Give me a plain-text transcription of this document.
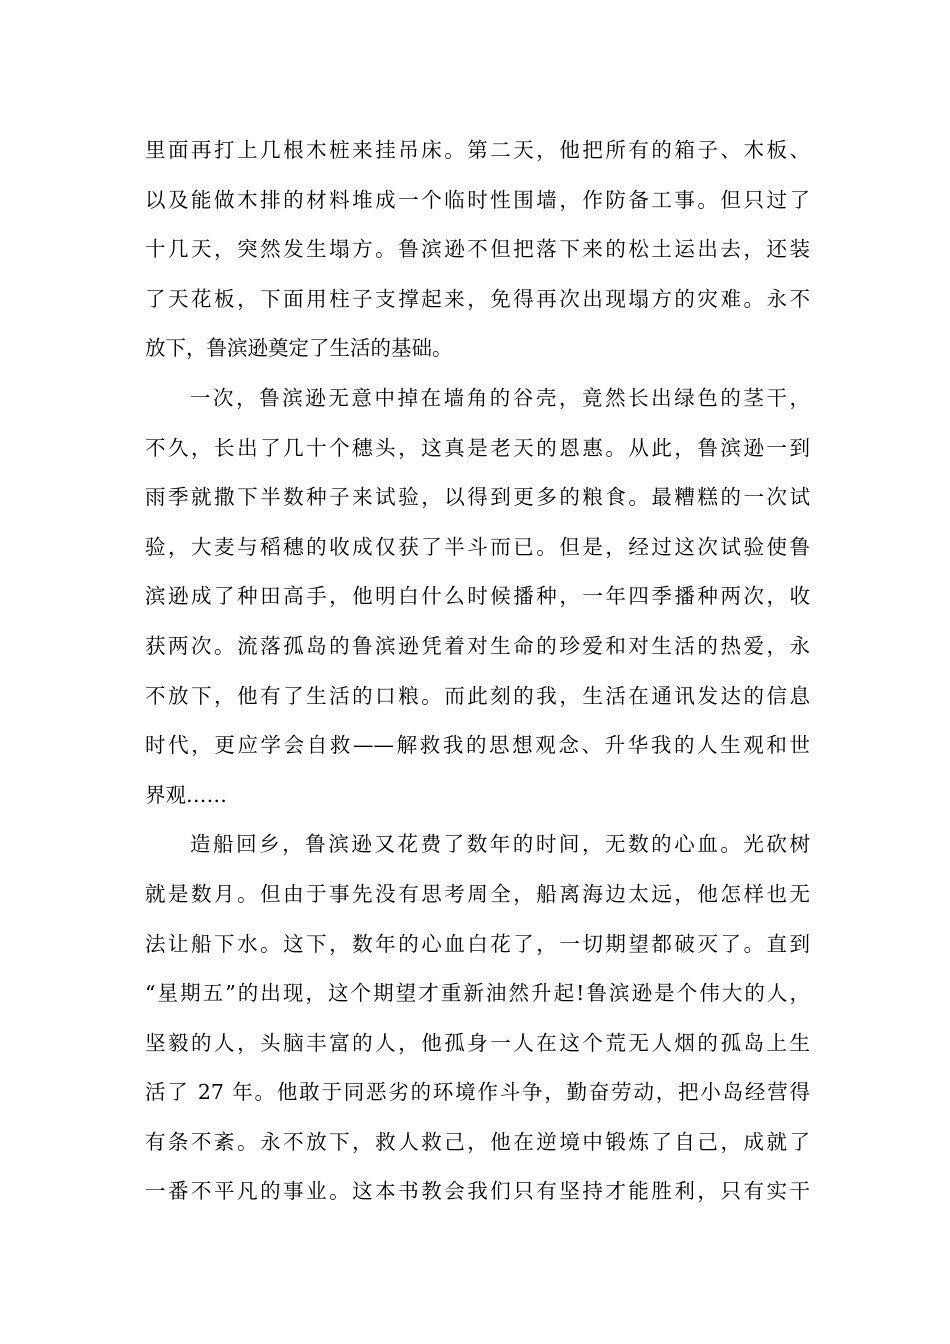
里面再打上几根木桩来挂吊床。第二天，他把所有的箱子、木板、
以及能做木排的材料堆成一个临时性围墙，作防备工事。但只过了
十几天，突然发生塌方。鲁滨逊不但把落下来的松土运出去，还装
了天花板，下面用柱子支撑起来，免得再次出现塌方的灾难。永不
放下，鲁滨逊奠定了生活的基础。
一次，鲁滨逊无意中掉在墙角的谷壳，竟然长出绿色的茎干，
不久，长出了几十个穗头，这真是老天的恩惠。从此，鲁滨逊一到
雨季就撒下半数种子来试验，以得到更多的粮食。最糟糕的一次试
验，大麦与稻穗的收成仅获了半斗而已。但是，经过这次试验使鲁
滨逊成了种田高手，他明白什么时候播种，一年四季播种两次，收
获两次。流落孤岛的鲁滨逊凭着对生命的珍爱和对生活的热爱，永
不放下，他有了生活的口粮。而此刻的我，生活在通讯发达的信息
时代，更应学会自救——解救我的思想观念、升华我的人生观和世
界观……
造船回乡，鲁滨逊又花费了数年的时间，无数的心血。光砍树
就是数月。但由于事先没有思考周全，船离海边太远，他怎样也无
法让船下水。这下，数年的心血白花了，一切期望都破灭了。直到
“星期五”的出现，这个期望才重新油然升起!鲁滨逊是个伟大的人，
坚毅的人，头脑丰富的人，他孤身一人在这个荒无人烟的孤岛上生
活了 27 年。他敢于同恶劣的环境作斗争，勤奋劳动，把小岛经营得
有条不紊。永不放下，救人救己，他在逆境中锻炼了自己，成就了
一番不平凡的事业。这本书教会我们只有坚持才能胜利，只有实干
